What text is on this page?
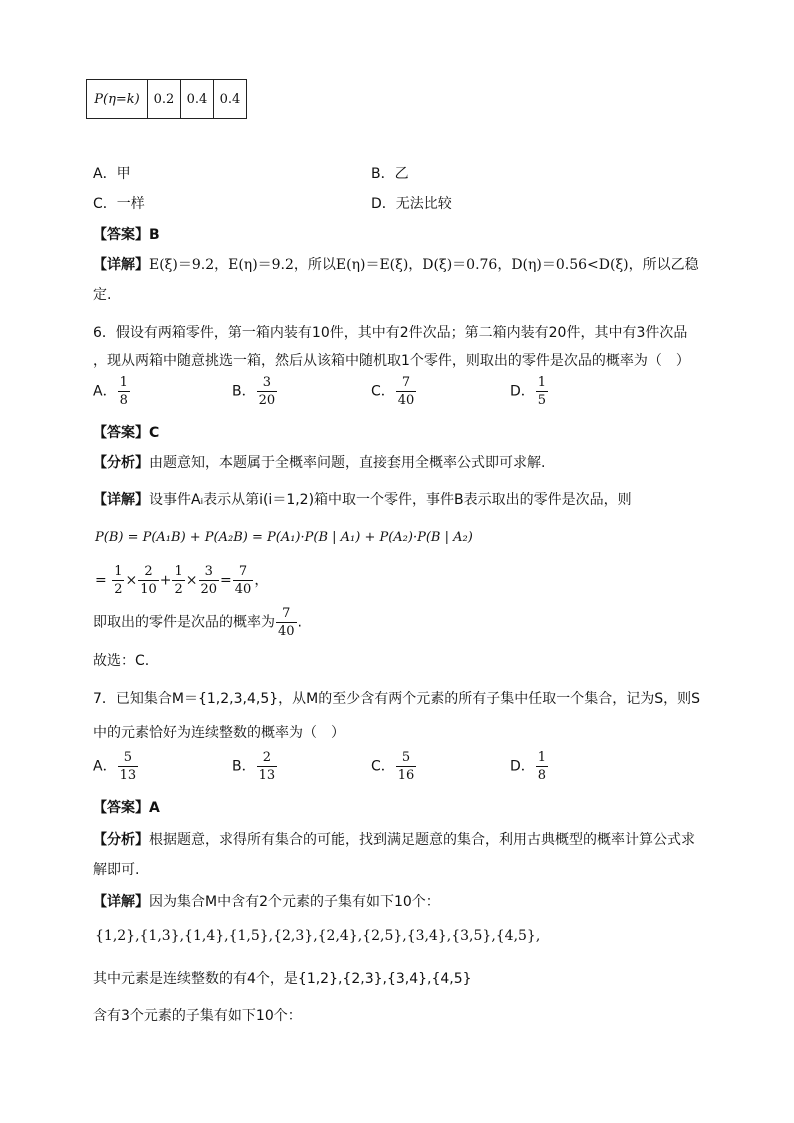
P(η=k)	0.2	0.4	0.4
A．甲	B．乙
C．一样	D．无法比较
【答案】B
【详解】E(ξ)＝9.2，E(η)＝9.2，所以E(η)＝E(ξ)，D(ξ)＝0.76，D(η)＝0.56<D(ξ)，所以乙稳
定.
6．假设有两箱零件，第一箱内装有10件，其中有2件次品；第二箱内装有20件，其中有3件次品
，现从两箱中随意挑选一箱，然后从该箱中随机取1个零件，则取出的零件是次品的概率为（　）
A． $\frac{1}{8}$	B． $\frac{3}{20}$	C． $\frac{7}{40}$	D． $\frac{1}{5}$
【答案】C
【分析】由题意知，本题属于全概率问题，直接套用全概率公式即可求解.
【详解】设事件Aᵢ表示从第i(i＝1,2)箱中取一个零件，事件B表示取出的零件是次品，则
P(B) = P(A₁B) + P(A₂B) = P(A₁)·P(B | A₁) + P(A₂)·P(B | A₂)
= $\frac{1}{2} \times \frac{2}{10} + \frac{1}{2} \times \frac{3}{20} = \frac{7}{40}$ ，
即取出的零件是次品的概率为 $\frac{7}{40}$ .
故选：C.
7．已知集合M＝{1,2,3,4,5}，从M的至少含有两个元素的所有子集中任取一个集合，记为S，则S
中的元素恰好为连续整数的概率为（　）
A． $\frac{5}{13}$	B． $\frac{2}{13}$	C． $\frac{5}{16}$	D． $\frac{1}{8}$
【答案】A
【分析】根据题意，求得所有集合的可能，找到满足题意的集合，利用古典概型的概率计算公式求
解即可.
【详解】因为集合M中含有2个元素的子集有如下10个：
{1,2},{1,3},{1,4},{1,5},{2,3},{2,4},{2,5},{3,4},{3,5},{4,5},
其中元素是连续整数的有4个，是{1,2},{2,3},{3,4},{4,5}
含有3个元素的子集有如下10个：
